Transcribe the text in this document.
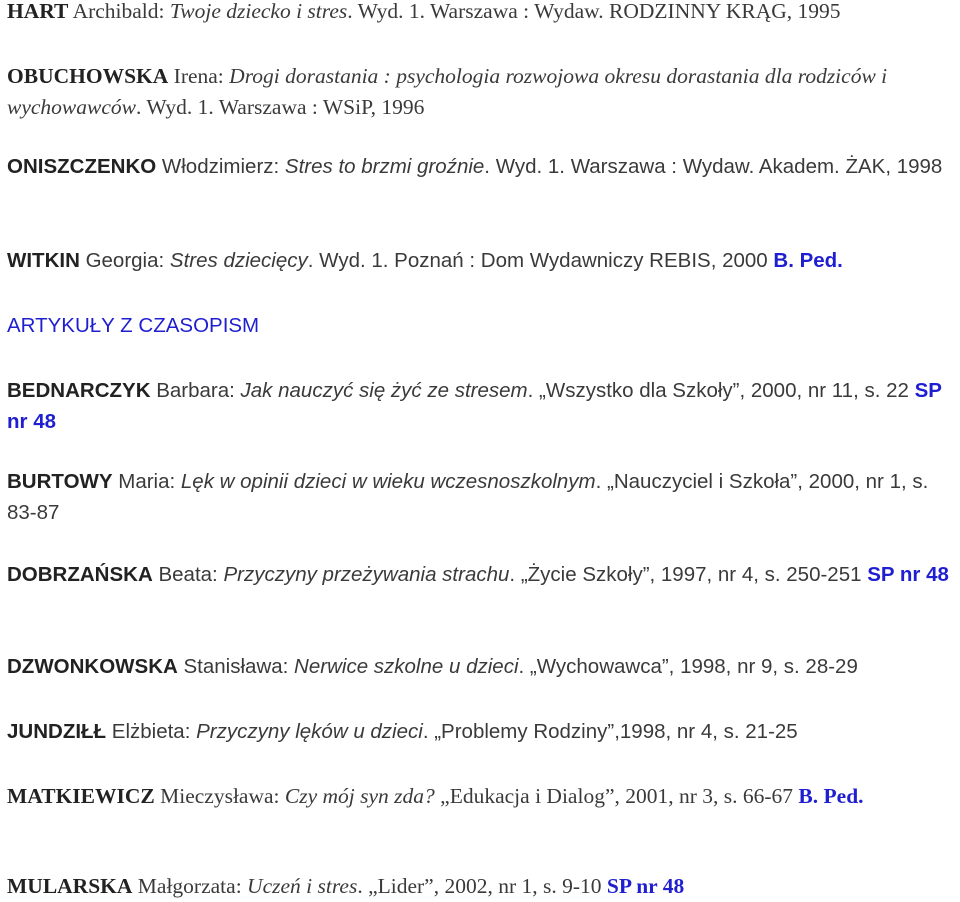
HART Archibald: Twoje dziecko i stres. Wyd. 1. Warszawa : Wydaw. RODZINNY KRĄG, 1995

OBUCHOWSKA Irena: Drogi dorastania : psychologia rozwojowa okresu dorastania dla rodziców i wychowawców. Wyd. 1. Warszawa : WSiP, 1996

ONISZCZENKO Włodzimierz: Stres to brzmi groźnie. Wyd. 1. Warszawa : Wydaw. Akadem. ŻAK, 1998

WITKIN Georgia: Stres dziecięcy. Wyd. 1. Poznań : Dom Wydawniczy REBIS, 2000 B. Ped.

ARTYKUŁY Z CZASOPISM

BEDNARCZYK Barbara: Jak nauczyć się żyć ze stresem. „Wszystko dla Szkoły”, 2000, nr 11, s. 22 SP nr 48

BURTOWY Maria: Lęk w opinii dzieci w wieku wczesnoszkolnym. „Nauczyciel i Szkoła”, 2000, nr 1, s. 83-87

DOBRZAŃSKA Beata: Przyczyny przeżywania strachu. „Życie Szkoły”, 1997, nr 4, s. 250-251 SP nr 48

DZWONKOWSKA Stanisława: Nerwice szkolne u dzieci. „Wychowawca”, 1998, nr 9, s. 28-29

JUNDZIŁŁ Elżbieta: Przyczyny lęków u dzieci. „Problemy Rodziny”,1998, nr 4, s. 21-25

MATKIEWICZ Mieczysława: Czy mój syn zda? „Edukacja i Dialog”, 2001, nr 3, s. 66-67 B. Ped.

MULARSKA Małgorzata: Uczeń i stres. „Lider”, 2002, nr 1, s. 9-10 SP nr 48
